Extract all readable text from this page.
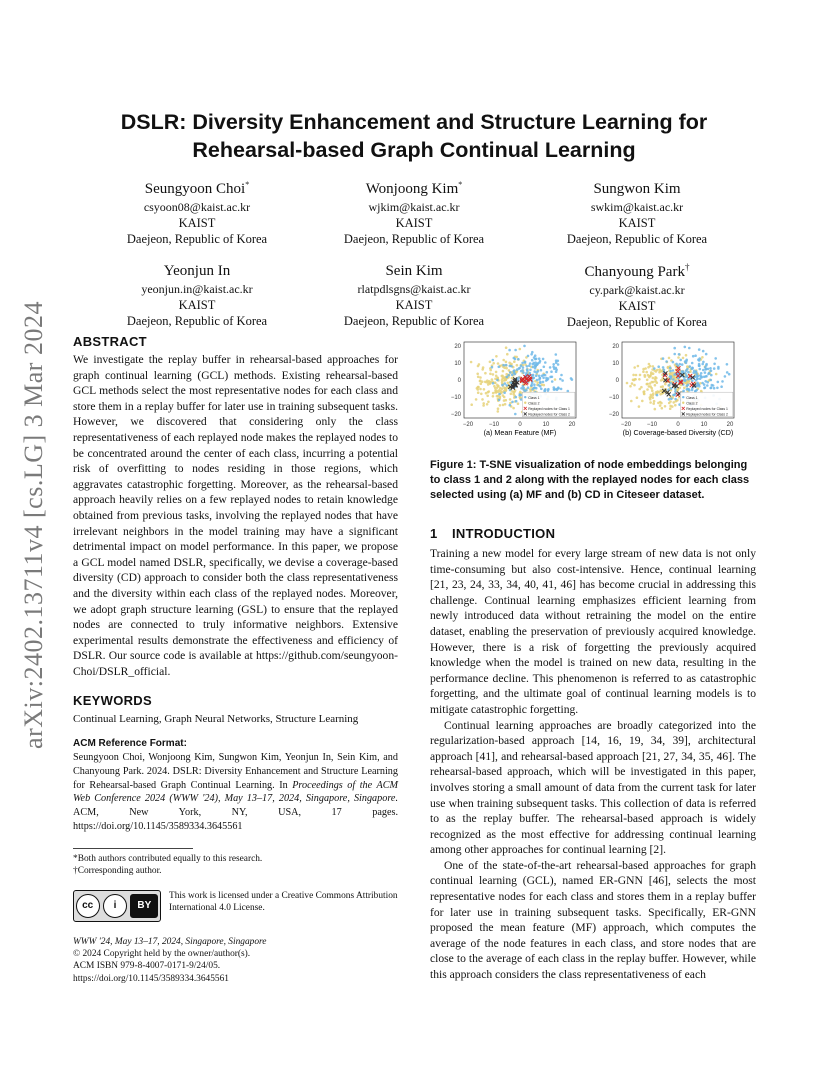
arXiv:2402.13711v4 [cs.LG] 3 Mar 2024
DSLR: Diversity Enhancement and Structure Learning for
Rehearsal-based Graph Continual Learning
Seungyoon Choi*
csyoon08@kaist.ac.kr
KAIST
Daejeon, Republic of Korea
Wonjoong Kim*
wjkim@kaist.ac.kr
KAIST
Daejeon, Republic of Korea
Sungwon Kim
swkim@kaist.ac.kr
KAIST
Daejeon, Republic of Korea
Yeonjun In
yeonjun.in@kaist.ac.kr
KAIST
Daejeon, Republic of Korea
Sein Kim
rlatpdlsgns@kaist.ac.kr
KAIST
Daejeon, Republic of Korea
Chanyoung Park†
cy.park@kaist.ac.kr
KAIST
Daejeon, Republic of Korea
ABSTRACT

We investigate the replay buffer in rehearsal-based approaches for graph continual learning (GCL) methods. Existing rehearsal-based GCL methods select the most representative nodes for each class and store them in a replay buffer for later use in training subsequent tasks. However, we discovered that considering only the class representativeness of each replayed node makes the replayed nodes to be concentrated around the center of each class, incurring a potential risk of overfitting to nodes residing in those regions, which aggravates catastrophic forgetting. Moreover, as the rehearsal-based approach heavily relies on a few replayed nodes to retain knowledge obtained from previous tasks, involving the replayed nodes that have irrelevant neighbors in the model training may have a significant detrimental impact on model performance. In this paper, we propose a GCL model named DSLR, specifically, we devise a coverage-based diversity (CD) approach to consider both the class representativeness and the diversity within each class of the replayed nodes. Moreover, we adopt graph structure learning (GSL) to ensure that the replayed nodes are connected to truly informative neighbors. Extensive experimental results demonstrate the effectiveness and efficiency of DSLR. Our source code is available at https://github.com/seungyoon-Choi/DSLR_official.

KEYWORDS

Continual Learning, Graph Neural Networks, Structure Learning

ACM Reference Format:

Seungyoon Choi, Wonjoong Kim, Sungwon Kim, Yeonjun In, Sein Kim, and Chanyoung Park. 2024. DSLR: Diversity Enhancement and Structure Learning for Rehearsal-based Graph Continual Learning. In Proceedings of the ACM Web Conference 2024 (WWW '24), May 13–17, 2024, Singapore, Singapore. ACM, New York, NY, USA, 17 pages. https://doi.org/10.1145/3589334.3645561

*Both authors contributed equally to this research.
†Corresponding author.
cc	i	BY
This work is licensed under a Creative Commons Attribution International 4.0 License.
WWW '24, May 13–17, 2024, Singapore, Singapore
© 2024 Copyright held by the owner/author(s).
ACM ISBN 979-8-4007-0171-9/24/05.
https://doi.org/10.1145/3589334.3645561
Class 1
Class 2
Replayed nodes for Class 1
Replayed nodes for Class 2
20
10
0
−10
−20
−20	−10	0	10	20
(a) Mean Feature (MF)
Class 1
Class 2
Replayed nodes for Class 1
Replayed nodes for Class 2
20
10
0
−10
−20
−20	−10	0	10	20
(b) Coverage-based Diversity (CD)
Figure 1: T-SNE visualization of node embeddings belonging to class 1 and 2 along with the replayed nodes for each class selected using (a) MF and (b) CD in Citeseer dataset.
1 INTRODUCTION

Training a new model for every large stream of new data is not only time-consuming but also cost-intensive. Hence, continual learning [21, 23, 24, 33, 34, 40, 41, 46] has become crucial in addressing this challenge. Continual learning emphasizes efficient learning from newly introduced data without retraining the model on the entire dataset, enabling the preservation of previously acquired knowledge. However, there is a risk of forgetting the previously acquired knowledge when the model is trained on new data, resulting in the performance decline. This phenomenon is referred to as catastrophic forgetting, and the ultimate goal of continual learning models is to mitigate catastrophic forgetting.

Continual learning approaches are broadly categorized into the regularization-based approach [14, 16, 19, 34, 39], architectural approach [41], and rehearsal-based approach [21, 27, 34, 35, 46]. The rehearsal-based approach, which will be investigated in this paper, involves storing a small amount of data from the current task for later use when training subsequent tasks. This collection of data is referred to as the replay buffer. The rehearsal-based approach is widely recognized as the most effective for addressing continual learning among other approaches for continual learning [2].

One of the state-of-the-art rehearsal-based approaches for graph continual learning (GCL), named ER-GNN [46], selects the most representative nodes for each class and stores them in a replay buffer for later use in training subsequent tasks. Specifically, ER-GNN proposed the mean feature (MF) approach, which computes the average of the node features in each class, and store nodes that are close to the average of each class in the replay buffer. However, while this approach considers the class representativeness of each
